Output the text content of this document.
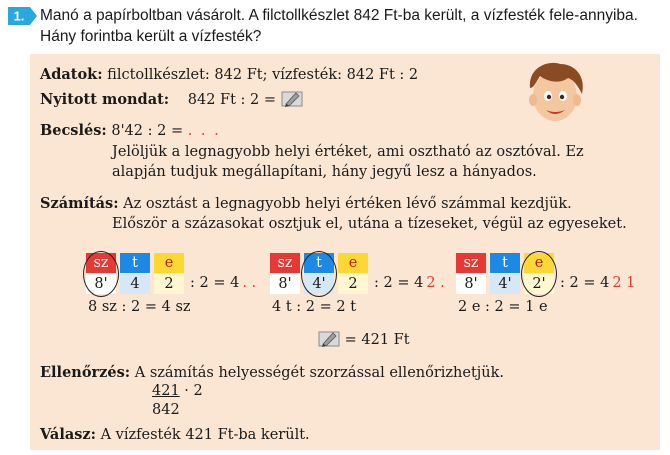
1. Manó a papírboltban vásárolt. A filctollkészlet 842 Ft-ba került, a vízfesték fele-annyiba. Hány forintba került a vízfesték?
Adatok: filctollkészlet: 842 Ft; vízfesték: 842 Ft : 2
Nyitott mondat: 842 Ft : 2 =
Becslés: 8'42 : 2 = . . .
Jelöljük a legnagyobb helyi értéket, ami osztható az osztóval. Ez
alapján tudjuk megállapítani, hány jegyű lesz a hányados.
Számítás: Az osztást a legnagyobb helyi értéken lévő számmal kezdjük.
Először a százasokat osztjuk el, utána a tízeseket, végül az egyeseket.
sz
8'
t
4
e
2	: 2 = 4 . .
8 sz : 2 = 4 sz
sz
8'
t
4'
e
2	: 2 = 4 2 .
4 t : 2 = 2 t
sz
8'
t
4'
e
2' : 2 = 4 2 1
2 e : 2 = 1 e
= 421 Ft
Ellenőrzés: A számítás helyességét szorzással ellenőrizhetjük.
421 · 2
842
Válasz: A vízfesték 421 Ft-ba került.
